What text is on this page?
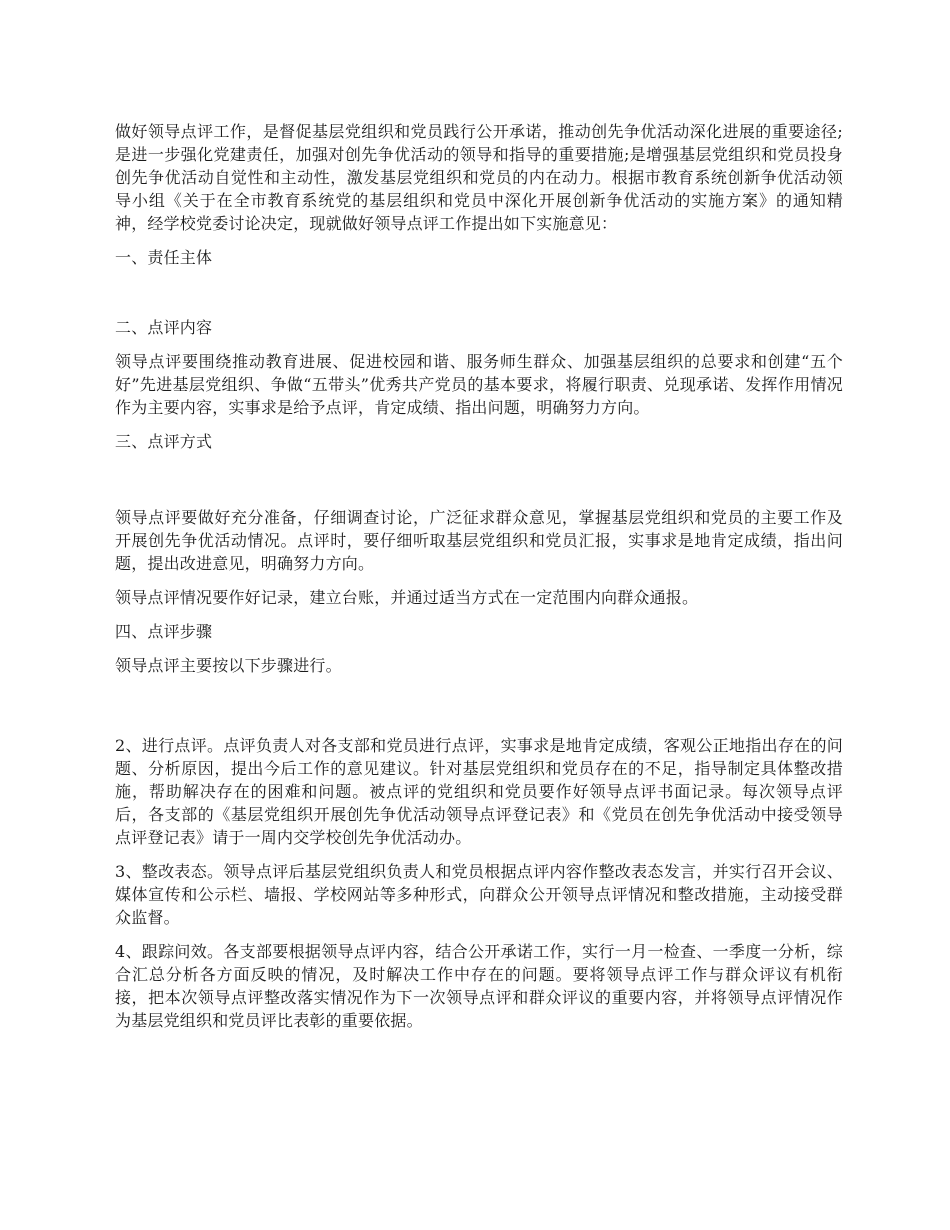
做好领导点评工作，是督促基层党组织和党员践行公开承诺，推动创先争优活动深化进展的重要途径;是进一步强化党建责任，加强对创先争优活动的领导和指导的重要措施;是增强基层党组织和党员投身创先争优活动自觉性和主动性，激发基层党组织和党员的内在动力。根据市教育系统创新争优活动领导小组《关于在全市教育系统党的基层组织和党员中深化开展创新争优活动的实施方案》的通知精神，经学校党委讨论决定，现就做好领导点评工作提出如下实施意见：

一、责任主体

二、点评内容

领导点评要围绕推动教育进展、促进校园和谐、服务师生群众、加强基层组织的总要求和创建“五个好”先进基层党组织、争做“五带头”优秀共产党员的基本要求，将履行职责、兑现承诺、发挥作用情况作为主要内容，实事求是给予点评，肯定成绩、指出问题，明确努力方向。

三、点评方式

领导点评要做好充分准备，仔细调查讨论，广泛征求群众意见，掌握基层党组织和党员的主要工作及开展创先争优活动情况。点评时，要仔细听取基层党组织和党员汇报，实事求是地肯定成绩，指出问题，提出改进意见，明确努力方向。

领导点评情况要作好记录，建立台账，并通过适当方式在一定范围内向群众通报。

四、点评步骤

领导点评主要按以下步骤进行。

2、进行点评。点评负责人对各支部和党员进行点评，实事求是地肯定成绩，客观公正地指出存在的问题、分析原因，提出今后工作的意见建议。针对基层党组织和党员存在的不足，指导制定具体整改措施，帮助解决存在的困难和问题。被点评的党组织和党员要作好领导点评书面记录。每次领导点评后，各支部的《基层党组织开展创先争优活动领导点评登记表》和《党员在创先争优活动中接受领导点评登记表》请于一周内交学校创先争优活动办。

3、整改表态。领导点评后基层党组织负责人和党员根据点评内容作整改表态发言，并实行召开会议、媒体宣传和公示栏、墙报、学校网站等多种形式，向群众公开领导点评情况和整改措施，主动接受群众监督。

4、跟踪问效。各支部要根据领导点评内容，结合公开承诺工作，实行一月一检查、一季度一分析，综合汇总分析各方面反映的情况，及时解决工作中存在的问题。要将领导点评工作与群众评议有机衔接，把本次领导点评整改落实情况作为下一次领导点评和群众评议的重要内容，并将领导点评情况作为基层党组织和党员评比表彰的重要依据。
